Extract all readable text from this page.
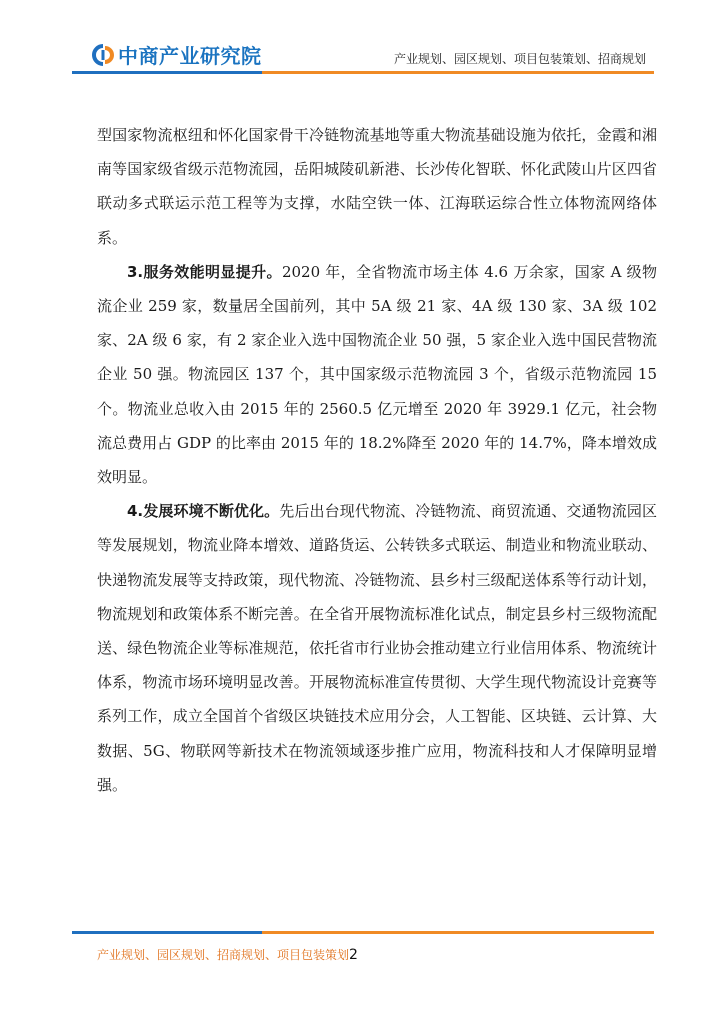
中商产业研究院	产业规划、园区规划、项目包装策划、招商规划

型国家物流枢纽和怀化国家骨干冷链物流基地等重大物流基础设施为依托，金霞和湘南等国家级省级示范物流园，岳阳城陵矶新港、长沙传化智联、怀化武陵山片区四省联动多式联运示范工程等为支撑，水陆空铁一体、江海联运综合性立体物流网络体系。

3.服务效能明显提升。2020 年，全省物流市场主体 4.6 万余家，国家 A 级物流企业 259 家，数量居全国前列，其中 5A 级 21 家、4A 级 130 家、3A 级 102 家、2A 级 6 家，有 2 家企业入选中国物流企业 50 强，5 家企业入选中国民营物流企业 50 强。物流园区 137 个，其中国家级示范物流园 3 个，省级示范物流园 15 个。物流业总收入由 2015 年的 2560.5 亿元增至 2020 年 3929.1 亿元，社会物流总费用占 GDP 的比率由 2015 年的 18.2%降至 2020 年的 14.7%，降本增效成效明显。

4.发展环境不断优化。先后出台现代物流、冷链物流、商贸流通、交通物流园区等发展规划，物流业降本增效、道路货运、公转铁多式联运、制造业和物流业联动、快递物流发展等支持政策，现代物流、冷链物流、县乡村三级配送体系等行动计划，物流规划和政策体系不断完善。在全省开展物流标准化试点，制定县乡村三级物流配送、绿色物流企业等标准规范，依托省市行业协会推动建立行业信用体系、物流统计体系，物流市场环境明显改善。开展物流标准宣传贯彻、大学生现代物流设计竞赛等系列工作，成立全国首个省级区块链技术应用分会，人工智能、区块链、云计算、大数据、5G、物联网等新技术在物流领域逐步推广应用，物流科技和人才保障明显增强。

产业规划、园区规划、招商规划、项目包装策划2
